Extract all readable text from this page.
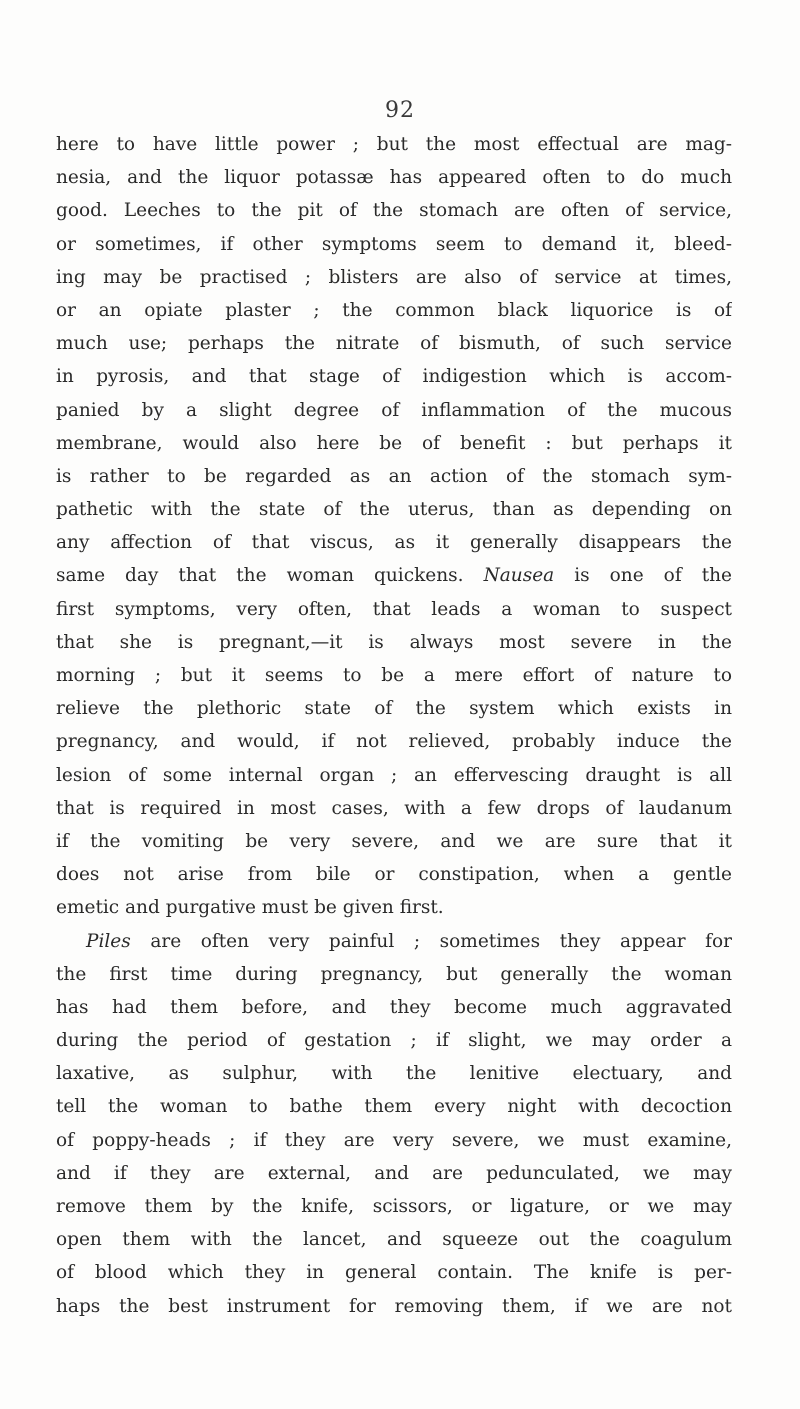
92
here to have little power ; but the most effectual are mag-
nesia, and the liquor potassæ has appeared often to do much
good. Leeches to the pit of the stomach are often of service,
or sometimes, if other symptoms seem to demand it, bleed-
ing may be practised ; blisters are also of service at times,
or an opiate plaster ; the common black liquorice is of
much use; perhaps the nitrate of bismuth, of such service
in pyrosis, and that stage of indigestion which is accom-
panied by a slight degree of inflammation of the mucous
membrane, would also here be of benefit : but perhaps it
is rather to be regarded as an action of the stomach sym-
pathetic with the state of the uterus, than as depending on
any affection of that viscus, as it generally disappears the
same day that the woman quickens. Nausea is one of the
first symptoms, very often, that leads a woman to suspect
that she is pregnant,—it is always most severe in the
morning ; but it seems to be a mere effort of nature to
relieve the plethoric state of the system which exists in
pregnancy, and would, if not relieved, probably induce the
lesion of some internal organ ; an effervescing draught is all
that is required in most cases, with a few drops of laudanum
if the vomiting be very severe, and we are sure that it
does not arise from bile or constipation, when a gentle
emetic and purgative must be given first.
Piles are often very painful ; sometimes they appear for
the first time during pregnancy, but generally the woman
has had them before, and they become much aggravated
during the period of gestation ; if slight, we may order a
laxative, as sulphur, with the lenitive electuary, and
tell the woman to bathe them every night with decoction
of poppy-heads ; if they are very severe, we must examine,
and if they are external, and are pedunculated, we may
remove them by the knife, scissors, or ligature, or we may
open them with the lancet, and squeeze out the coagulum
of blood which they in general contain. The knife is per-
haps the best instrument for removing them, if we are not
